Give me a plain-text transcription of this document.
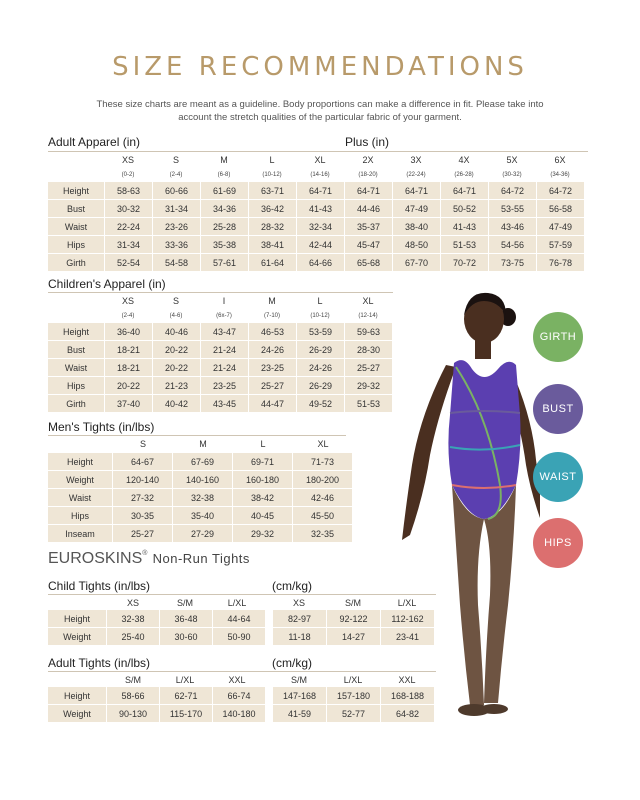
SIZE RECOMMENDATIONS

These size charts are meant as a guideline. Body proportions can make a difference in fit. Please take into account the stretch qualities of the particular fabric of your garment.

Adult Apparel (in)	Plus (in)
XS	S	M	L	XL	2X	3X	4X	5X	6X
(0-2)	(2-4)	(6-8)	(10-12)	(14-16)	(18-20)	(22-24)	(26-28)	(30-32)	(34-36)
Height	58-63	60-66	61-69	63-71	64-71	64-71	64-71	64-71	64-72	64-72
Bust	30-32	31-34	34-36	36-42	41-43	44-46	47-49	50-52	53-55	56-58
Waist	22-24	23-26	25-28	28-32	32-34	35-37	38-40	41-43	43-46	47-49
Hips	31-34	33-36	35-38	38-41	42-44	45-47	48-50	51-53	54-56	57-59
Girth	52-54	54-58	57-61	61-64	64-66	65-68	67-70	70-72	73-75	76-78
Children's Apparel (in)
XS	S	I	M	L	XL
(2-4)	(4-6)	(6x-7)	(7-10)	(10-12)	(12-14)
Height	36-40	40-46	43-47	46-53	53-59	59-63
Bust	18-21	20-22	21-24	24-26	26-29	28-30
Waist	18-21	20-22	21-24	23-25	24-26	25-27
Hips	20-22	21-23	23-25	25-27	26-29	29-32
Girth	37-40	40-42	43-45	44-47	49-52	51-53
Men's Tights (in/lbs)
S	M	L	XL
Height	64-67	67-69	69-71	71-73
Weight	120-140	140-160	160-180	180-200
Waist	27-32	32-38	38-42	42-46
Hips	30-35	35-40	40-45	45-50
Inseam	25-27	27-29	29-32	32-35
EUROSKINS® Non-Run Tights
Child Tights (in/lbs)	(cm/kg)
XS	S/M	L/XL	XS	S/M	L/XL
Height	32-38	36-48	44-64		82-97	92-122	112-162
Weight	25-40	30-60	50-90		11-18	14-27	23-41
Adult Tights (in/lbs)	(cm/kg)
S/M	L/XL	XXL	S/M	L/XL	XXL
Height	58-66	62-71	66-74		147-168	157-180	168-188
Weight	90-130	115-170	140-180		41-59	52-77	64-82
GIRTH
BUST
WAIST
HIPS
